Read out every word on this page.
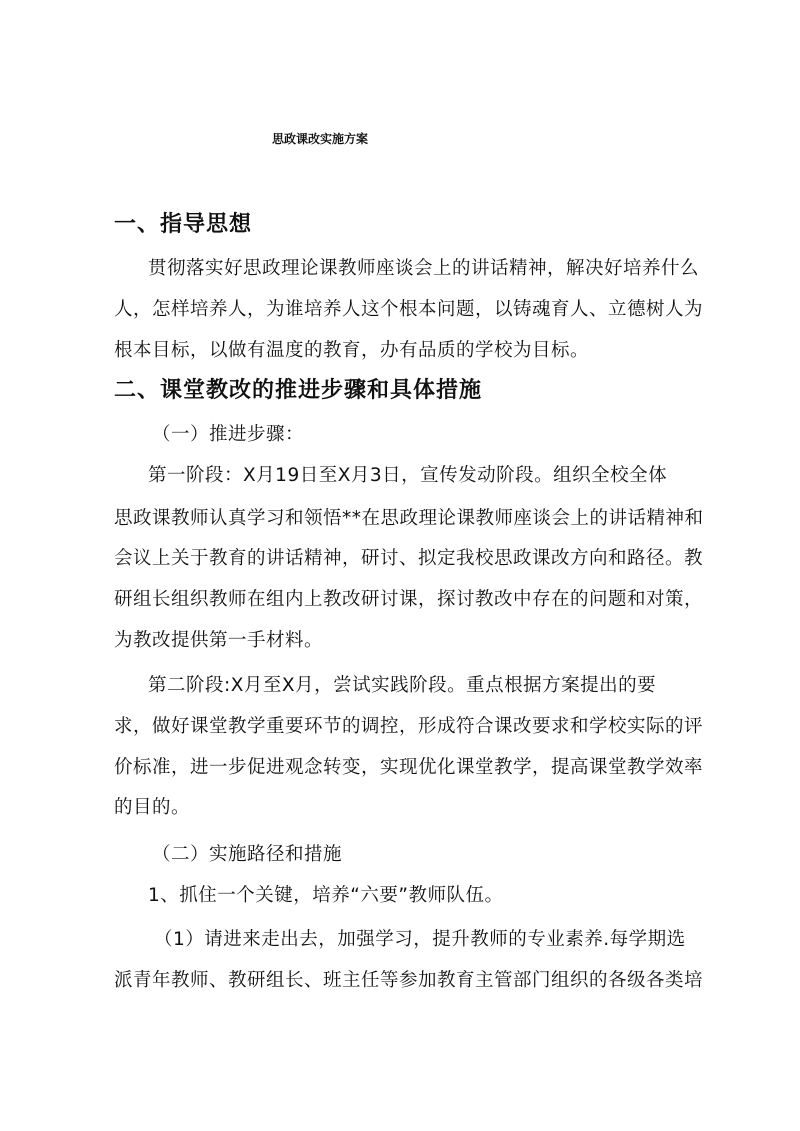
思政课改实施方案
一、指导思想
贯彻落实好思政理论课教师座谈会上的讲话精神，解决好培养什么
人，怎样培养人，为谁培养人这个根本问题，以铸魂育人、立德树人为
根本目标，以做有温度的教育，办有品质的学校为目标。
二、课堂教改的推进步骤和具体措施
（一）推进步骤：
第一阶段：X月19日至X月3日，宣传发动阶段。组织全校全体
思政课教师认真学习和领悟**在思政理论课教师座谈会上的讲话精神和
会议上关于教育的讲话精神，研讨、拟定我校思政课改方向和路径。教
研组长组织教师在组内上教改研讨课，探讨教改中存在的问题和对策，
为教改提供第一手材料。
第二阶段:X月至X月，尝试实践阶段。重点根据方案提出的要
求，做好课堂教学重要环节的调控，形成符合课改要求和学校实际的评
价标准，进一步促进观念转变，实现优化课堂教学，提高课堂教学效率
的目的。
（二）实施路径和措施
1、抓住一个关键，培养“六要”教师队伍。
（1）请进来走出去，加强学习，提升教师的专业素养.每学期选
派青年教师、教研组长、班主任等参加教育主管部门组织的各级各类培
